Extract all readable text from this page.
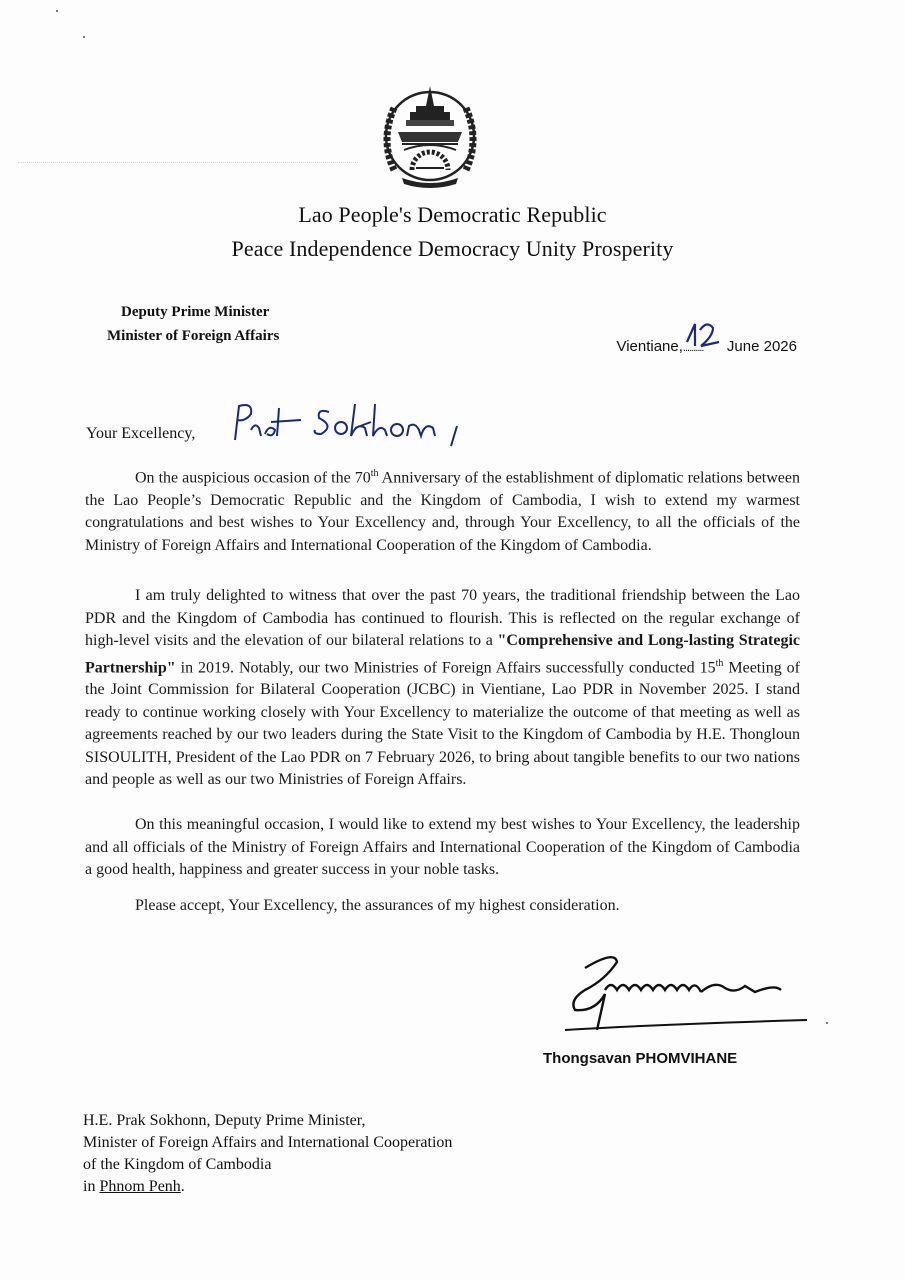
Lao People's Democratic Republic
Peace Independence Democracy Unity Prosperity
Deputy Prime Minister
Minister of Foreign Affairs
Vientiane,
.......... June 2026
Your Excellency,

On the auspicious occasion of the 70th Anniversary of the establishment of diplomatic relations between the Lao People’s Democratic Republic and the Kingdom of Cambodia, I wish to extend my warmest congratulations and best wishes to Your Excellency and, through Your Excellency, to all the officials of the Ministry of Foreign Affairs and International Cooperation of the Kingdom of Cambodia.

I am truly delighted to witness that over the past 70 years, the traditional friendship between the Lao PDR and the Kingdom of Cambodia has continued to flourish. This is reflected on the regular exchange of high-level visits and the elevation of our bilateral relations to a "Comprehensive and Long-lasting Strategic Partnership" in 2019. Notably, our two Ministries of Foreign Affairs successfully conducted 15th Meeting of the Joint Commission for Bilateral Cooperation (JCBC) in Vientiane, Lao PDR in November 2025. I stand ready to continue working closely with Your Excellency to materialize the outcome of that meeting as well as agreements reached by our two leaders during the State Visit to the Kingdom of Cambodia by H.E. Thongloun SISOULITH, President of the Lao PDR on 7 February 2026, to bring about tangible benefits to our two nations and people as well as our two Ministries of Foreign Affairs.

On this meaningful occasion, I would like to extend my best wishes to Your Excellency, the leadership and all officials of the Ministry of Foreign Affairs and International Cooperation of the Kingdom of Cambodia a good health, happiness and greater success in your noble tasks.

Please accept, Your Excellency, the assurances of my highest consideration.

Thongsavan PHOMVIHANE
H.E. Prak Sokhonn, Deputy Prime Minister,
Minister of Foreign Affairs and International Cooperation
of the Kingdom of Cambodia
in Phnom Penh.
